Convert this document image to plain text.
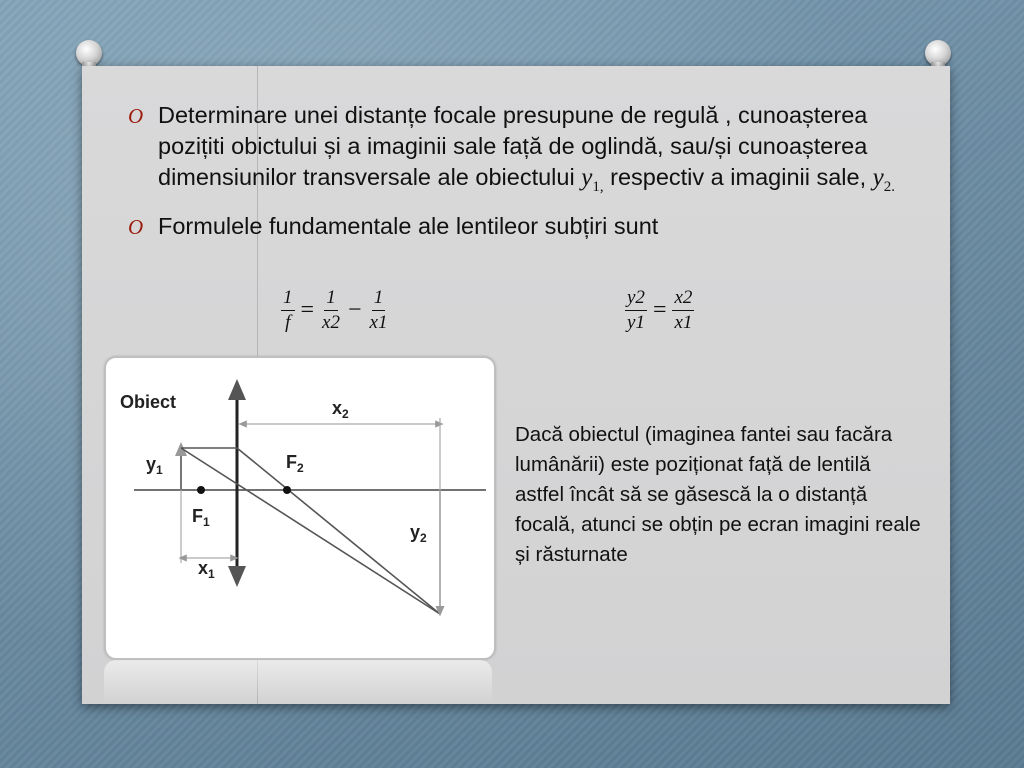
O Determinare unei distanțe focale presupune de regulă , cunoașterea pozițiti obictului și a imaginii sale față de oglindă, sau/și cunoașterea dimensiunilor transversale ale obiectului $y_{1,}$ respectiv a imaginii sale, $y_{2.}$
O Formulele fundamentale ale lentileor subțiri sunt
$\frac{1}{f} = \frac{1}{x2} - \frac{1}{x1}$	$\frac{y2}{y1} = \frac{x2}{x1}$
Obiect	$x_2$
$y_1$	$F_2$
$F_1$	$y_2$
$x_1$

Dacă obiectul (imaginea fantei sau facăra lumânării) este poziționat față de lentilă astfel încât să se găsescă la o distanță focală, atunci se obțin pe ecran imagini reale și răsturnate
